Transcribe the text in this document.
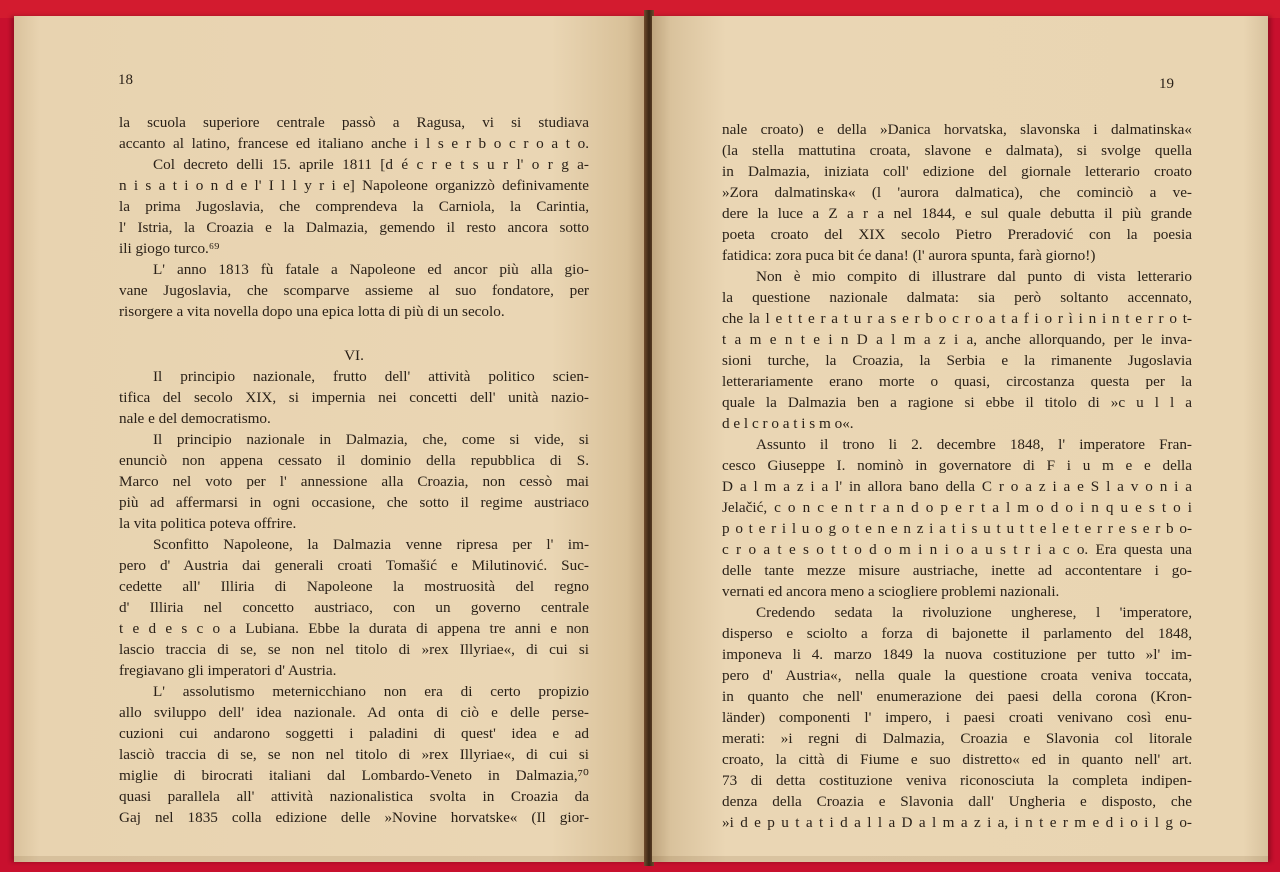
18
la scuola superiore centrale passò a Ragusa, vi si studiava
accanto al latino, francese ed italiano anche i l s e r b o c r o a t o.
Col decreto delli 15. aprile 1811 [d é c r e t s u r l' o r g a-
n i s a t i o n d e l' I l l y r i e] Napoleone organizzò definivamente
la prima Jugoslavia, che comprendeva la Carniola, la Carintia,
l' Istria, la Croazia e la Dalmazia, gemendo il resto ancora sotto
ili giogo turco.⁶⁹
L' anno 1813 fù fatale a Napoleone ed ancor più alla gio-
vane Jugoslavia, che scomparve assieme al suo fondatore, per
risorgere a vita novella dopo una epica lotta di più di un secolo.
VI.
Il principio nazionale, frutto dell' attività politico scien-
tifica del secolo XIX, si impernia nei concetti dell' unità nazio-
nale e del democratismo.
Il principio nazionale in Dalmazia, che, come si vide, si
enunciò non appena cessato il dominio della repubblica di S.
Marco nel voto per l' annessione alla Croazia, non cessò mai
più ad affermarsi in ogni occasione, che sotto il regime austriaco
la vita politica poteva offrire.
Sconfitto Napoleone, la Dalmazia venne ripresa per l' im-
pero d' Austria dai generali croati Tomašić e Milutinović. Suc-
cedette all' Illiria di Napoleone la mostruosità del regno
d' Illiria nel concetto austriaco, con un governo centrale
t e d e s c o a Lubiana. Ebbe la durata di appena tre anni e non
lascio traccia di se, se non nel titolo di »rex Illyriae«, di cui si
fregiavano gli imperatori d' Austria.
L' assolutismo meternicchiano non era di certo propizio
allo sviluppo dell' idea nazionale. Ad onta di ciò e delle perse-
cuzioni cui andarono soggetti i paladini di quest' idea e ad
lasciò traccia di se, se non nel titolo di »rex Illyriae«, di cui si
miglie di birocrati italiani dal Lombardo-Veneto in Dalmazia,⁷⁰
quasi parallela all' attività nazionalistica svolta in Croazia da
Gaj nel 1835 colla edizione delle »Novine horvatske« (Il gior-
19
nale croato) e della »Danica horvatska, slavonska i dalmatinska«
(la stella mattutina croata, slavone e dalmata), si svolge quella
in Dalmazia, iniziata coll' edizione del giornale letterario croato
»Zora dalmatinska« (l 'aurora dalmatica), che cominciò a ve-
dere la luce a Z a r a nel 1844, e sul quale debutta il più grande
poeta croato del XIX secolo Pietro Preradović con la poesia
fatidica: zora puca bit će dana! (l' aurora spunta, farà giorno!)
Non è mio compito di illustrare dal punto di vista letterario
la questione nazionale dalmata: sia però soltanto accennato,
che la l e t t e r a t u r a s e r b o c r o a t a f i o r ì i n i n t e r r o t-
t a m e n t e i n D a l m a z i a, anche allorquando, per le inva-
sioni turche, la Croazia, la Serbia e la rimanente Jugoslavia
letterariamente erano morte o quasi, circostanza questa per la
quale la Dalmazia ben a ragione si ebbe il titolo di »c u l l a
d e l c r o a t i s m o«.
Assunto il trono li 2. decembre 1848, l' imperatore Fran-
cesco Giuseppe I. nominò in governatore di F i u m e e della
D a l m a z i a l' in allora bano della C r o a z i a e S l a v o n i a
Jelačić, c o n c e n t r a n d o p e r t a l m o d o i n q u e s t o i
p o t e r i l u o g o t e n e n z i a t i s u t u t t e l e t e r r e s e r b o-
c r o a t e s o t t o d o m i n i o a u s t r i a c o. Era questa una
delle tante mezze misure austriache, inette ad accontentare i go-
vernati ed ancora meno a sciogliere problemi nazionali.
Credendo sedata la rivoluzione ungherese, l 'imperatore,
disperso e sciolto a forza di bajonette il parlamento del 1848,
imponeva li 4. marzo 1849 la nuova costituzione per tutto »l' im-
pero d' Austria«, nella quale la questione croata veniva toccata,
in quanto che nell' enumerazione dei paesi della corona (Kron-
länder) componenti l' impero, i paesi croati venivano così enu-
merati: »i regni di Dalmazia, Croazia e Slavonia col litorale
croato, la città di Fiume e suo distretto« ed in quanto nell' art.
73 di detta costituzione veniva riconosciuta la completa indipen-
denza della Croazia e Slavonia dall' Ungheria e disposto, che
»i d e p u t a t i d a l l a D a l m a z i a, i n t e r m e d i o i l g o-
